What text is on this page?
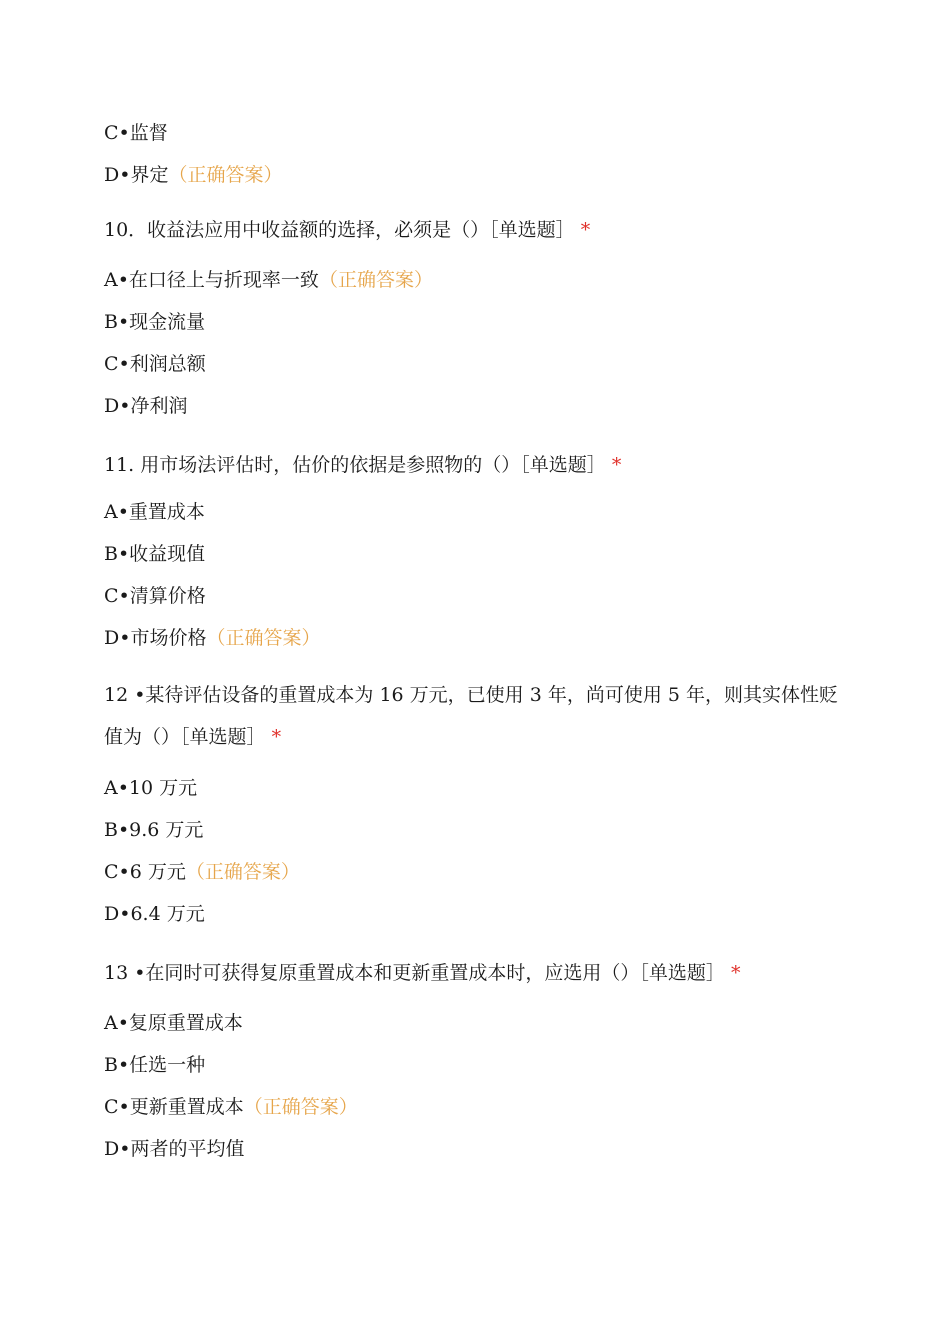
C•监督
D•界定（正确答案）
10．收益法应用中收益额的选择，必须是（）［单选题］ *
A•在口径上与折现率一致（正确答案）
B•现金流量
C•利润总额
D•净利润
11. 用市场法评估时，估价的依据是参照物的（）［单选题］ *
A•重置成本
B•收益现值
C•清算价格
D•市场价格（正确答案）
12 •某待评估设备的重置成本为 16 万元，已使用 3 年，尚可使用 5 年，则其实体性贬值为（）［单选题］ *
A•10 万元
B•9.6 万元
C•6 万元（正确答案）
D•6.4 万元
13 •在同时可获得复原重置成本和更新重置成本时，应选用（）［单选题］ *
A•复原重置成本
B•任选一种
C•更新重置成本（正确答案）
D•两者的平均值
